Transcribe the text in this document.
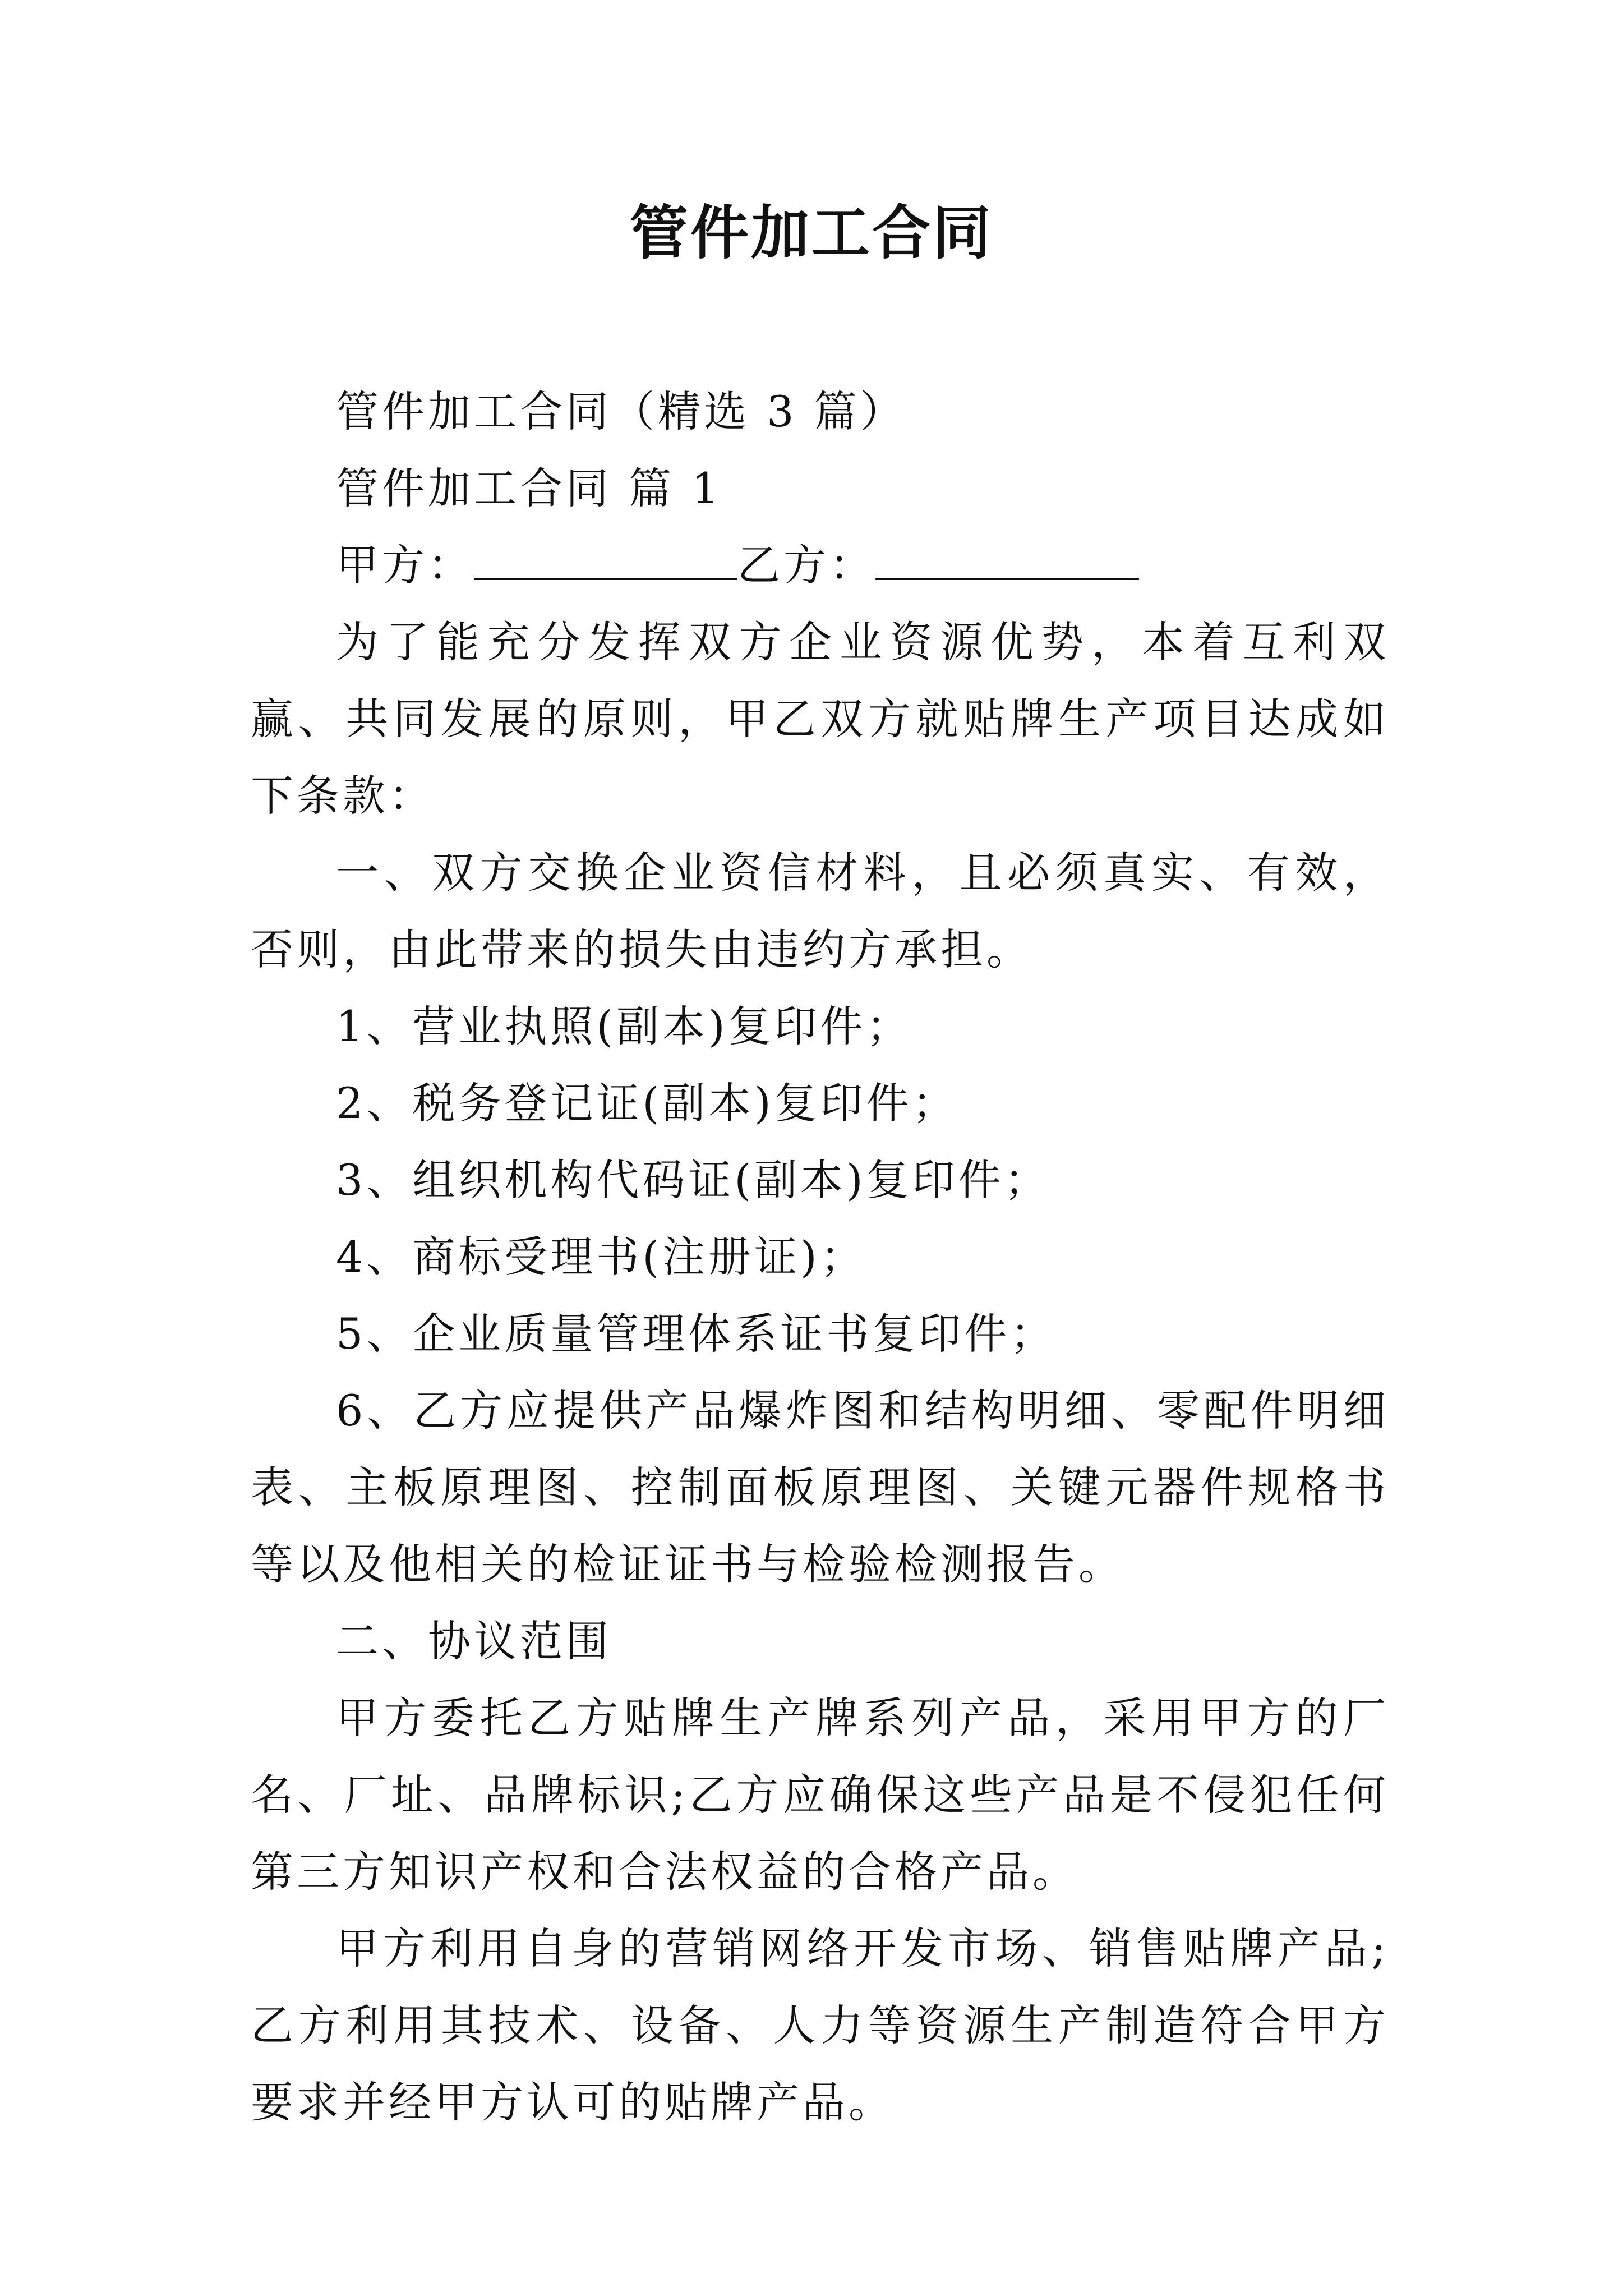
管件加工合同

管件加工合同（精选 3 篇）

管件加工合同 篇 1

甲方：	乙方：

为了能充分发挥双方企业资源优势，本着互利双赢、共同发展的原则，甲乙双方就贴牌生产项目达成如下条款：

一、双方交换企业资信材料，且必须真实、有效，否则，由此带来的损失由违约方承担。

1、营业执照(副本)复印件；

2、税务登记证(副本)复印件；

3、组织机构代码证(副本)复印件；

4、商标受理书(注册证)；

5、企业质量管理体系证书复印件；

6、乙方应提供产品爆炸图和结构明细、零配件明细表、主板原理图、控制面板原理图、关键元器件规格书等以及他相关的检证证书与检验检测报告。

二、协议范围

甲方委托乙方贴牌生产牌系列产品，采用甲方的厂名、厂址、品牌标识;乙方应确保这些产品是不侵犯任何第三方知识产权和合法权益的合格产品。

甲方利用自身的营销网络开发市场、销售贴牌产品;乙方利用其技术、设备、人力等资源生产制造符合甲方要求并经甲方认可的贴牌产品。
